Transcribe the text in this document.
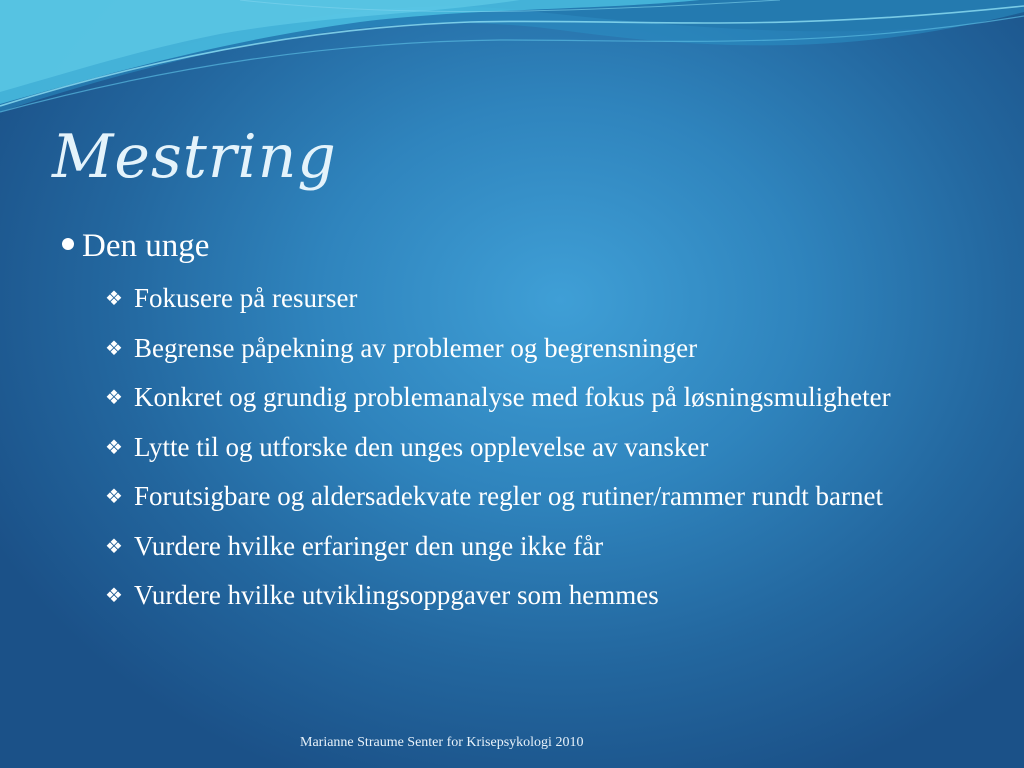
Mestring
Den unge
❖ Fokusere på resurser
❖ Begrense påpekning av problemer og begrensninger
❖ Konkret og grundig problemanalyse med fokus på løsningsmuligheter
❖ Lytte til og utforske den unges opplevelse av vansker
❖ Forutsigbare og aldersadekvate regler og rutiner/rammer rundt barnet
❖ Vurdere hvilke erfaringer den unge ikke får
❖ Vurdere hvilke utviklingsoppgaver som hemmes
Marianne Straume Senter for Krisepsykologi 2010
